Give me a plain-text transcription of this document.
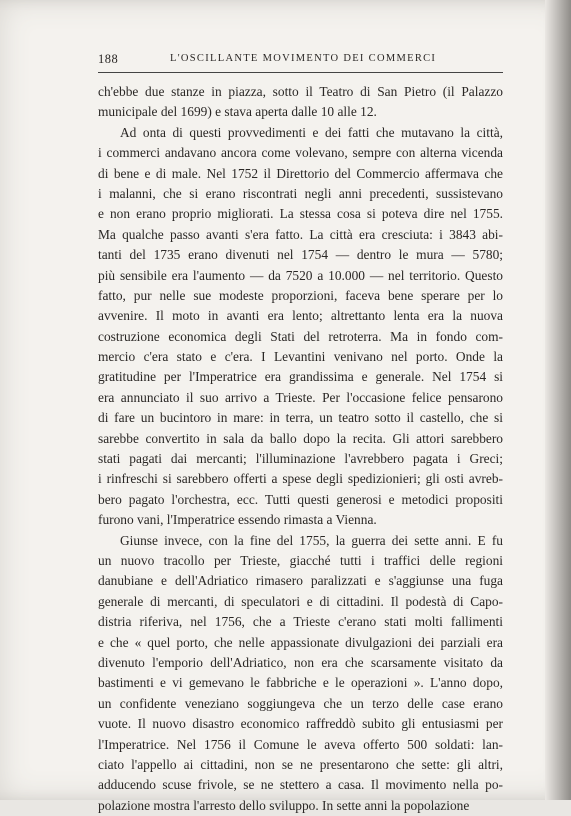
188	L'OSCILLANTE MOVIMENTO DEI COMMERCI
ch'ebbe due stanze in piazza, sotto il Teatro di San Pietro (il Palazzo
municipale del 1699) e stava aperta dalle 10 alle 12.
Ad onta di questi provvedimenti e dei fatti che mutavano la città,
i commerci andavano ancora come volevano, sempre con alterna vicenda
di bene e di male. Nel 1752 il Direttorio del Commercio affermava che
i malanni, che si erano riscontrati negli anni precedenti, sussistevano
e non erano proprio migliorati. La stessa cosa si poteva dire nel 1755.
Ma qualche passo avanti s'era fatto. La città era cresciuta: i 3843 abi-
tanti del 1735 erano divenuti nel 1754 — dentro le mura — 5780;
più sensibile era l'aumento — da 7520 a 10.000 — nel territorio. Questo
fatto, pur nelle sue modeste proporzioni, faceva bene sperare per lo
avvenire. Il moto in avanti era lento; altrettanto lenta era la nuova
costruzione economica degli Stati del retroterra. Ma in fondo com-
mercio c'era stato e c'era. I Levantini venivano nel porto. Onde la
gratitudine per l'Imperatrice era grandissima e generale. Nel 1754 si
era annunciato il suo arrivo a Trieste. Per l'occasione felice pensarono
di fare un bucintoro in mare: in terra, un teatro sotto il castello, che si
sarebbe convertito in sala da ballo dopo la recita. Gli attori sarebbero
stati pagati dai mercanti; l'illuminazione l'avrebbero pagata i Greci;
i rinfreschi si sarebbero offerti a spese degli spedizionieri; gli osti avreb-
bero pagato l'orchestra, ecc. Tutti questi generosi e metodici propositi
furono vani, l'Imperatrice essendo rimasta a Vienna.
Giunse invece, con la fine del 1755, la guerra dei sette anni. E fu
un nuovo tracollo per Trieste, giacché tutti i traffici delle regioni
danubiane e dell'Adriatico rimasero paralizzati e s'aggiunse una fuga
generale di mercanti, di speculatori e di cittadini. Il podestà di Capo-
distria riferiva, nel 1756, che a Trieste c'erano stati molti fallimenti
e che « quel porto, che nelle appassionate divulgazioni dei parziali era
divenuto l'emporio dell'Adriatico, non era che scarsamente visitato da
bastimenti e vi gemevano le fabbriche e le operazioni ». L'anno dopo,
un confidente veneziano soggiungeva che un terzo delle case erano
vuote. Il nuovo disastro economico raffreddò subito gli entusiasmi per
l'Imperatrice. Nel 1756 il Comune le aveva offerto 500 soldati: lan-
ciato l'appello ai cittadini, non se ne presentarono che sette: gli altri,
adducendo scuse frivole, se ne stettero a casa. Il movimento nella po-
polazione mostra l'arresto dello sviluppo. In sette anni la popolazione
